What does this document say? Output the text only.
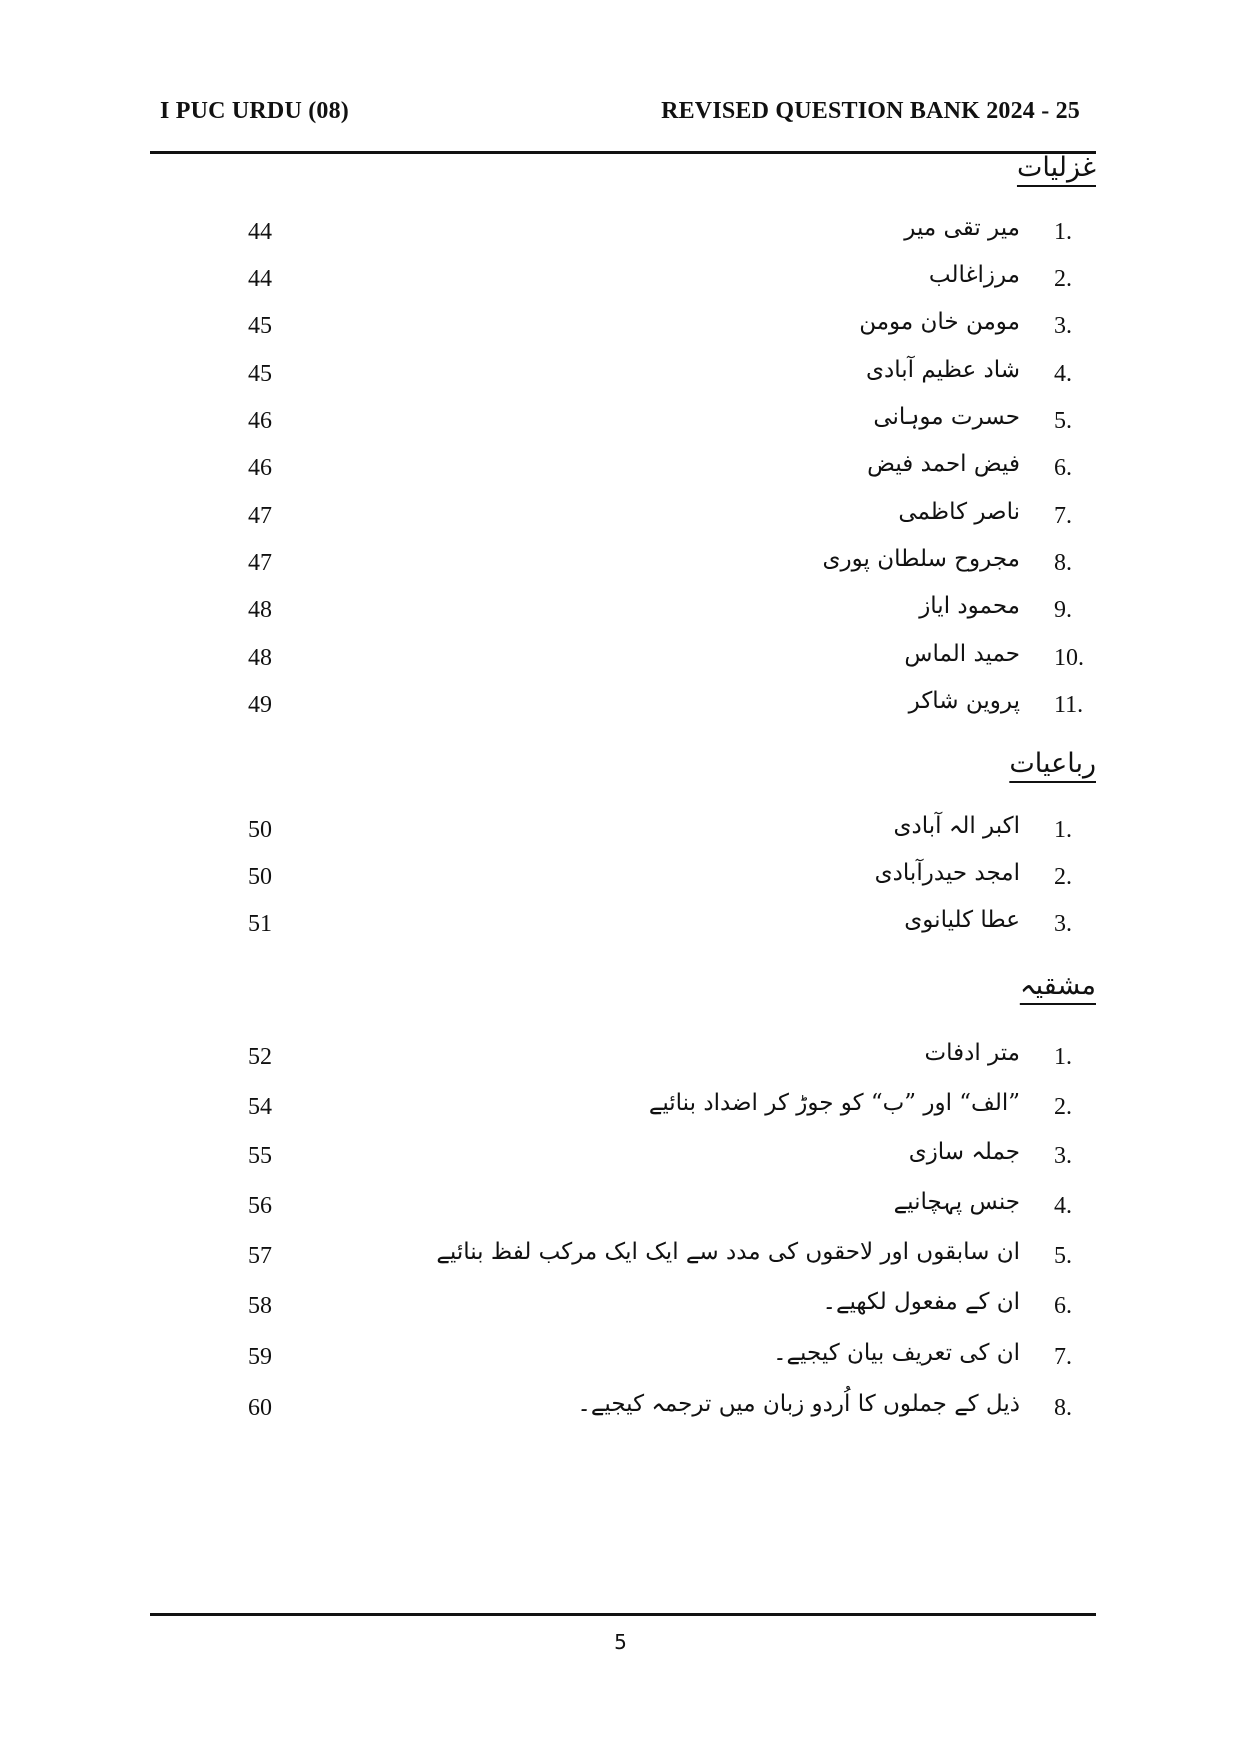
I PUC URDU (08)	REVISED QUESTION BANK 2024 - 25
غزلیات
1.
میر تقی میر
44
2.
مرزاغالب
44
3.
مومن خان مومن
45
4.
شاد عظیم آبادی
45
5.
حسرت موہانی
46
6.
فیض احمد فیض
46
7.
ناصر کاظمی
47
8.
مجروح سلطان پوری
47
9.
محمود ایاز
48
10.
حمید الماس
48
11.
پروین شاکر
49
رباعیات
1.
اکبر الہ آبادی
50
2.
امجد حیدرآبادی
50
3.
عطا کلیانوی
51
مشقیہ
1.
متر ادفات
52
2.
”الف“ اور ”ب“ کو جوڑ کر اضداد بنائیے
54
3.
جملہ سازی
55
4.
جنس پہچانیے
56
5.
ان سابقوں اور لاحقوں کی مدد سے ایک ایک مرکب لفظ بنائیے
57
6.
ان کے مفعول لکھیے۔
58
7.
ان کی تعریف بیان کیجیے۔
59
8.
ذیل کے جملوں کا اُردو زبان میں ترجمہ کیجیے۔
60
5
